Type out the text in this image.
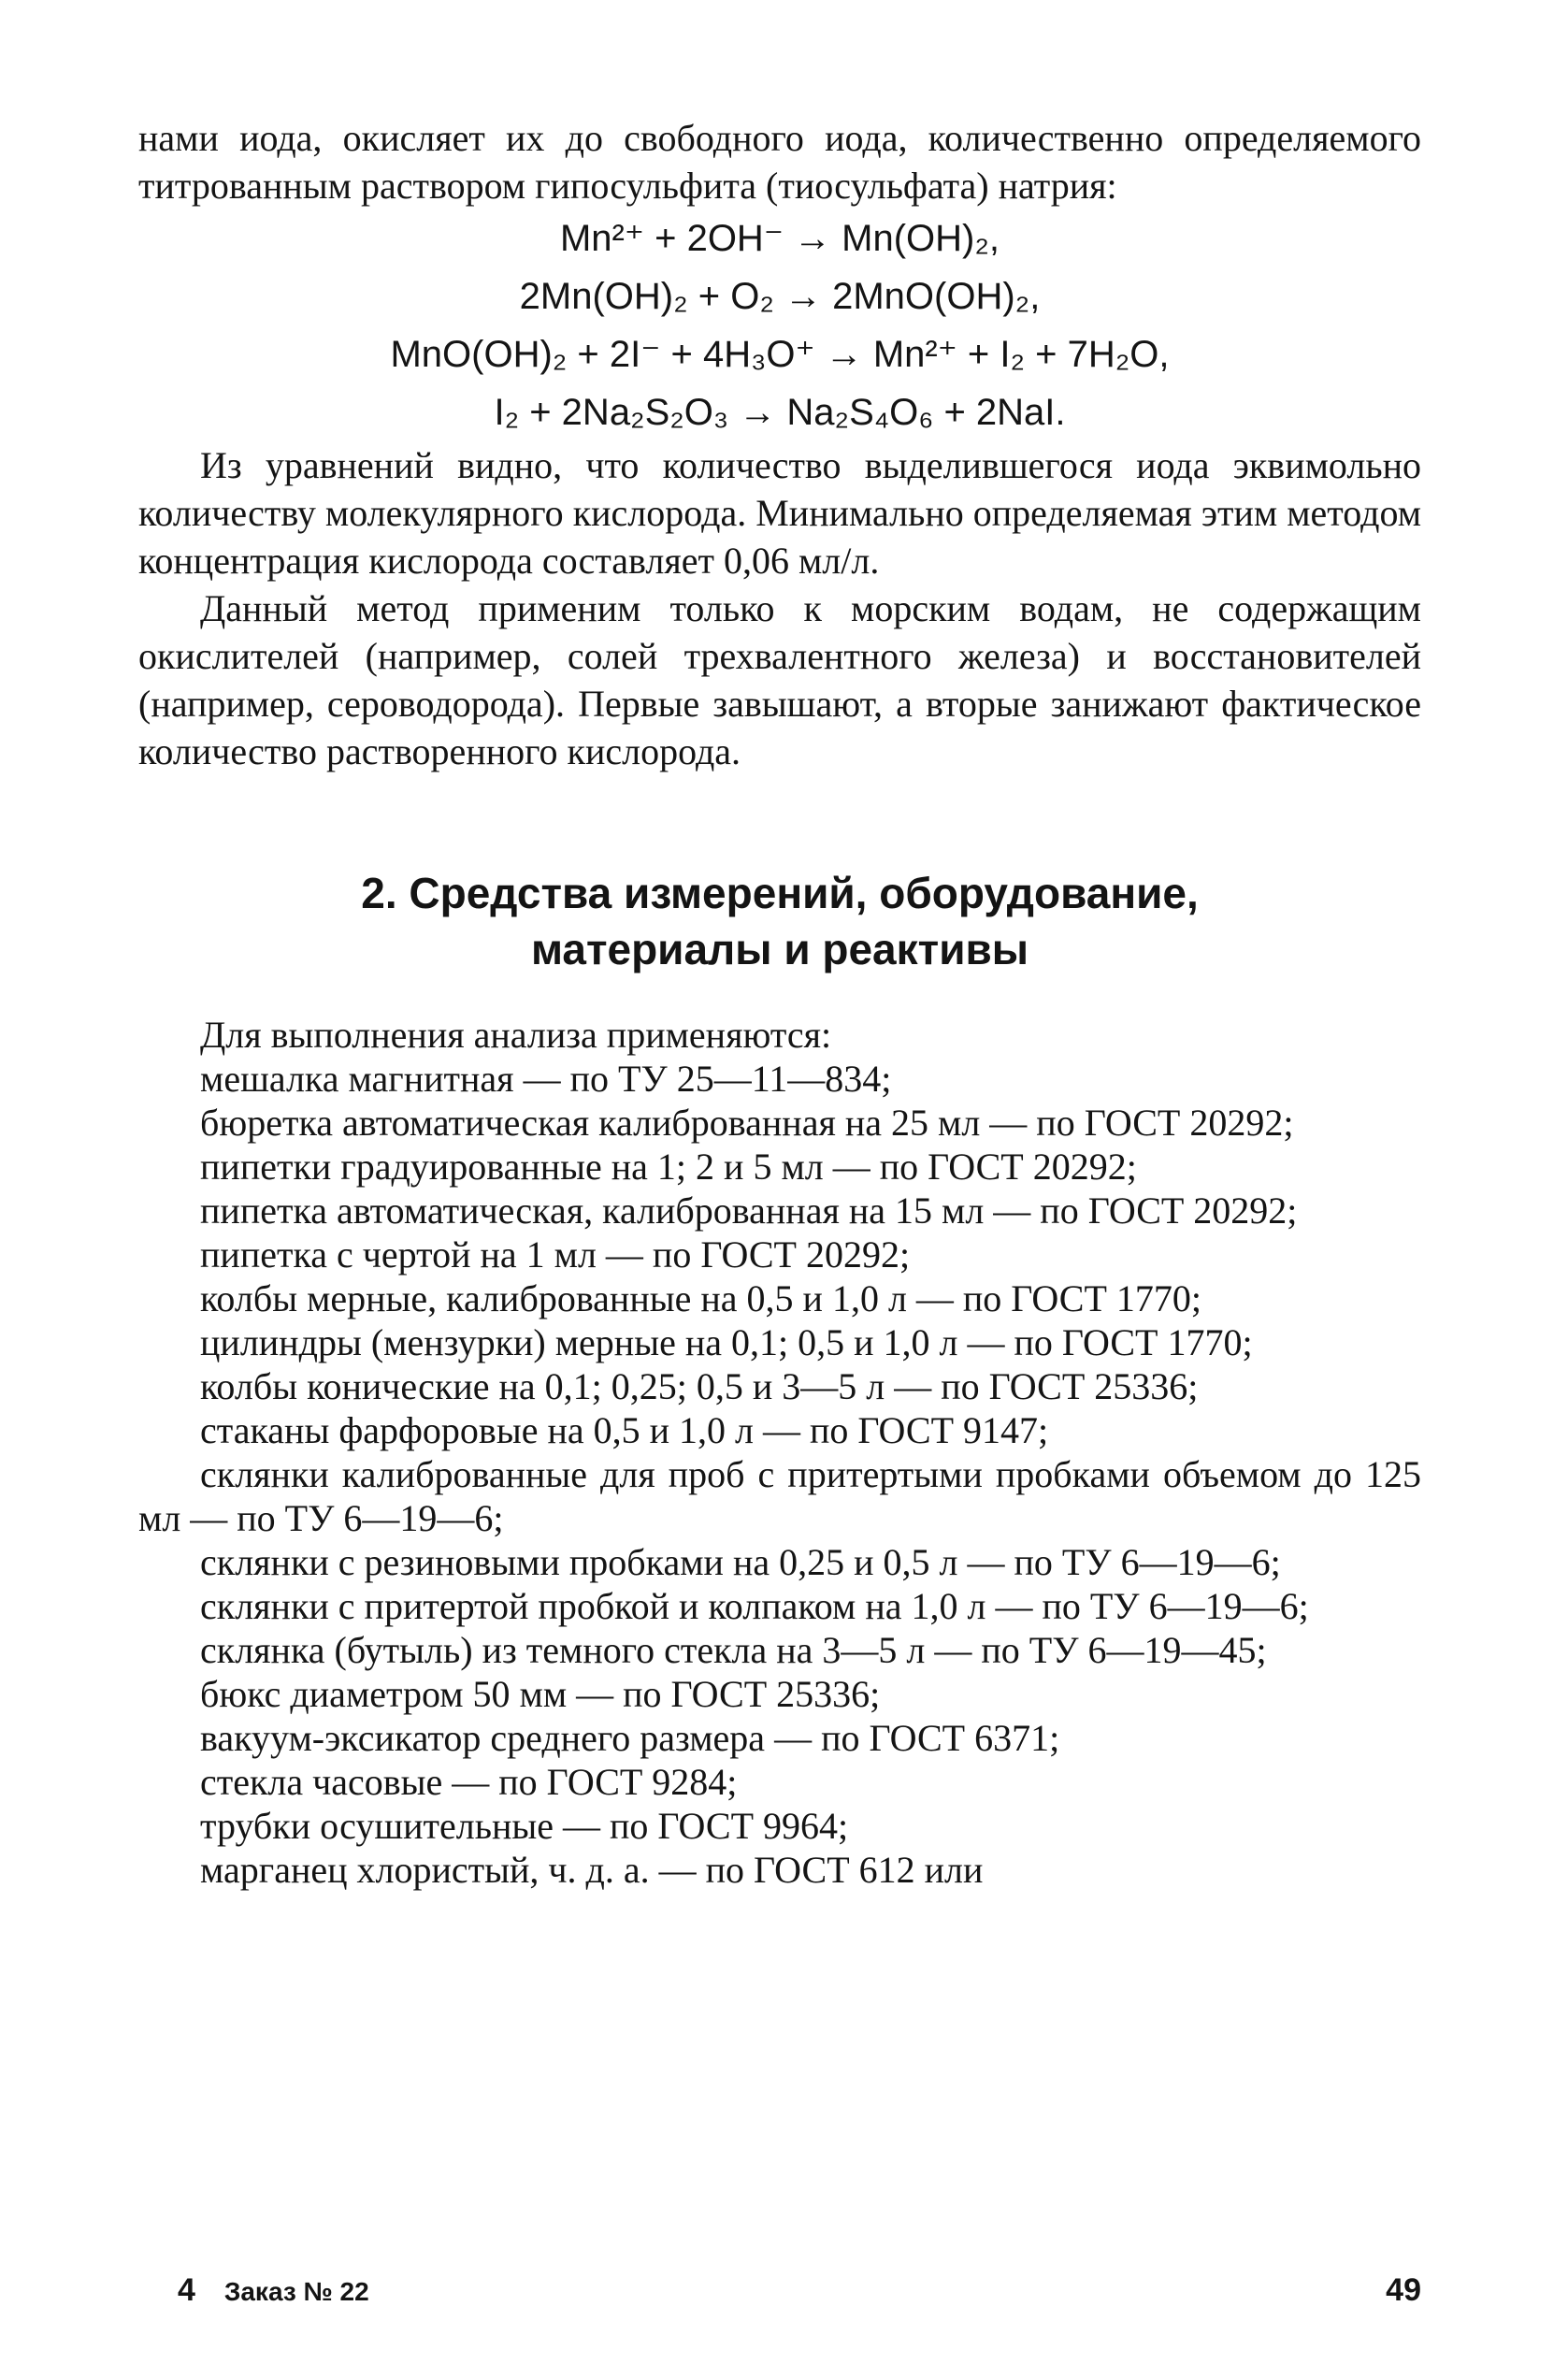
нами иода, окисляет их до свободного иода, количественно определяемого титрованным раствором гипосульфита (тиосульфата) натрия:

Mn²⁺ + 2OH⁻ → Mn(OH)₂,
2Mn(OH)₂ + O₂ → 2MnO(OH)₂,
MnO(OH)₂ + 2I⁻ + 4H₃O⁺ → Mn²⁺ + I₂ + 7H₂O,
I₂ + 2Na₂S₂O₃ → Na₂S₄O₆ + 2NaI.

Из уравнений видно, что количество выделившегося иода эквимольно количеству молекулярного кислорода. Минимально определяемая этим методом концентрация кислорода составляет 0,06 мл/л.

Данный метод применим только к морским водам, не содержащим окислителей (например, солей трехвалентного железа) и восстановителей (например, сероводорода). Первые завышают, а вторые занижают фактическое количество растворенного кислорода.

2. Средства измерений, оборудование,
материалы и реактивы
Для выполнения анализа применяются:
мешалка магнитная — по ТУ 25—11—834;
бюретка автоматическая калиброванная на 25 мл — по ГОСТ 20292;
пипетки градуированные на 1; 2 и 5 мл — по ГОСТ 20292;
пипетка автоматическая, калиброванная на 15 мл — по ГОСТ 20292;
пипетка с чертой на 1 мл — по ГОСТ 20292;
колбы мерные, калиброванные на 0,5 и 1,0 л — по ГОСТ 1770;
цилиндры (мензурки) мерные на 0,1; 0,5 и 1,0 л — по ГОСТ 1770;
колбы конические на 0,1; 0,25; 0,5 и 3—5 л — по ГОСТ 25336;
стаканы фарфоровые на 0,5 и 1,0 л — по ГОСТ 9147;
склянки калиброванные для проб с притертыми пробками объемом до 125 мл — по ТУ 6—19—6;
склянки с резиновыми пробками на 0,25 и 0,5 л — по ТУ 6—19—6;
склянки с притертой пробкой и колпаком на 1,0 л — по ТУ 6—19—6;
склянка (бутыль) из темного стекла на 3—5 л — по ТУ 6—19—45;
бюкс диаметром 50 мм — по ГОСТ 25336;
вакуум-эксикатор среднего размера — по ГОСТ 6371;
стекла часовые — по ГОСТ 9284;
трубки осушительные — по ГОСТ 9964;
марганец хлористый, ч. д. а. — по ГОСТ 612 или
4 Заказ № 22	49
